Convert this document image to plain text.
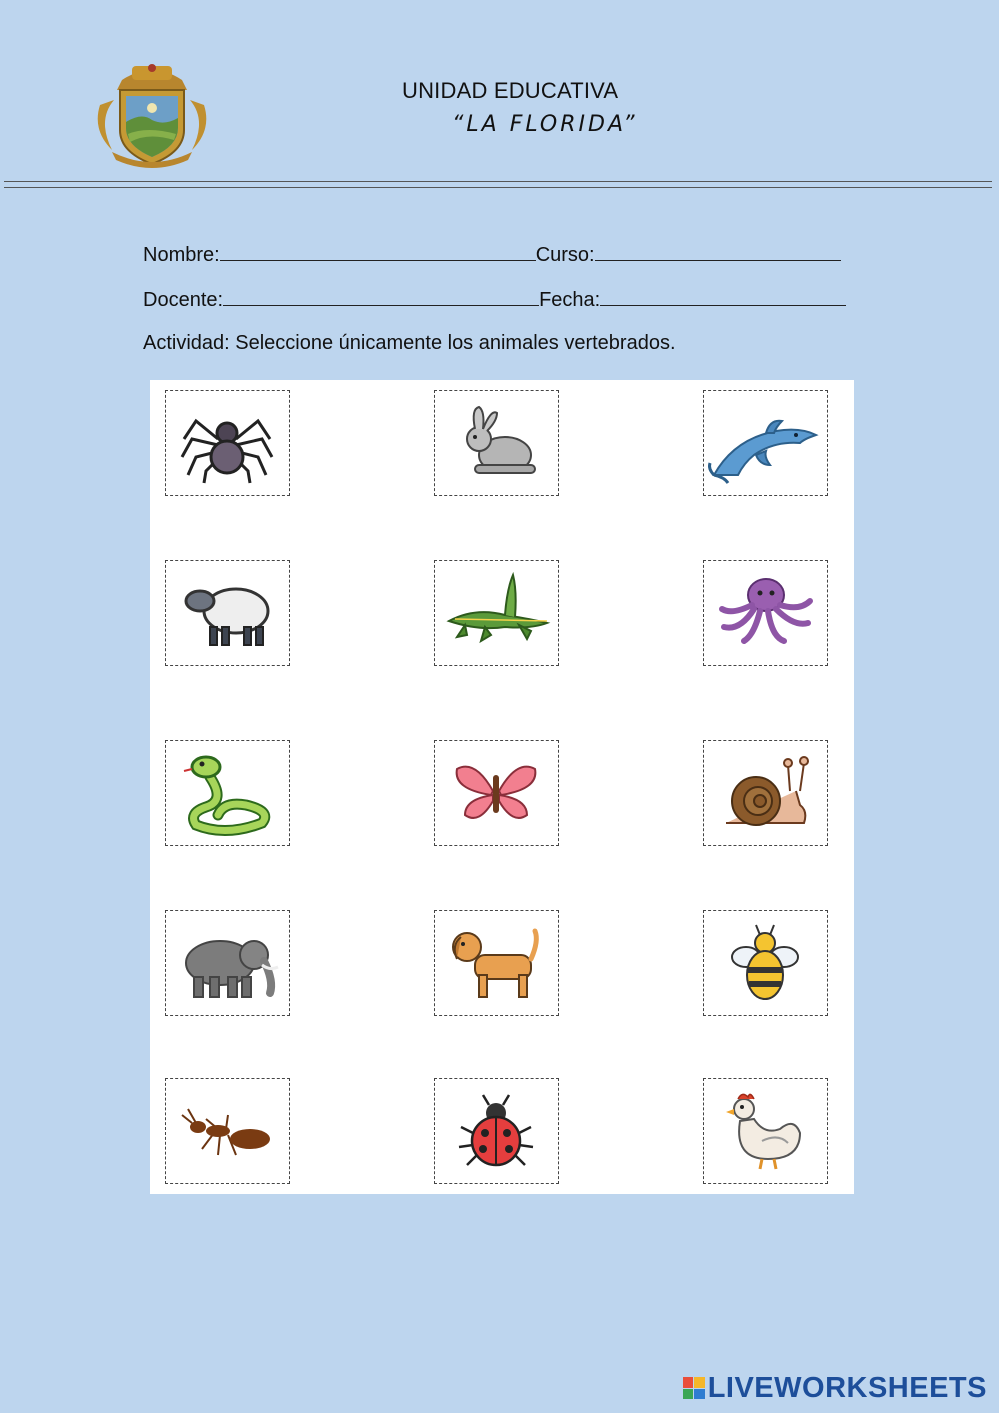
UNIDAD EDUCATIVA
“LA FLORIDA”
Nombre:	Curso:
Docente:	Fecha:
Actividad: Seleccione únicamente los animales vertebrados.
LIVEWORKSHEETS
